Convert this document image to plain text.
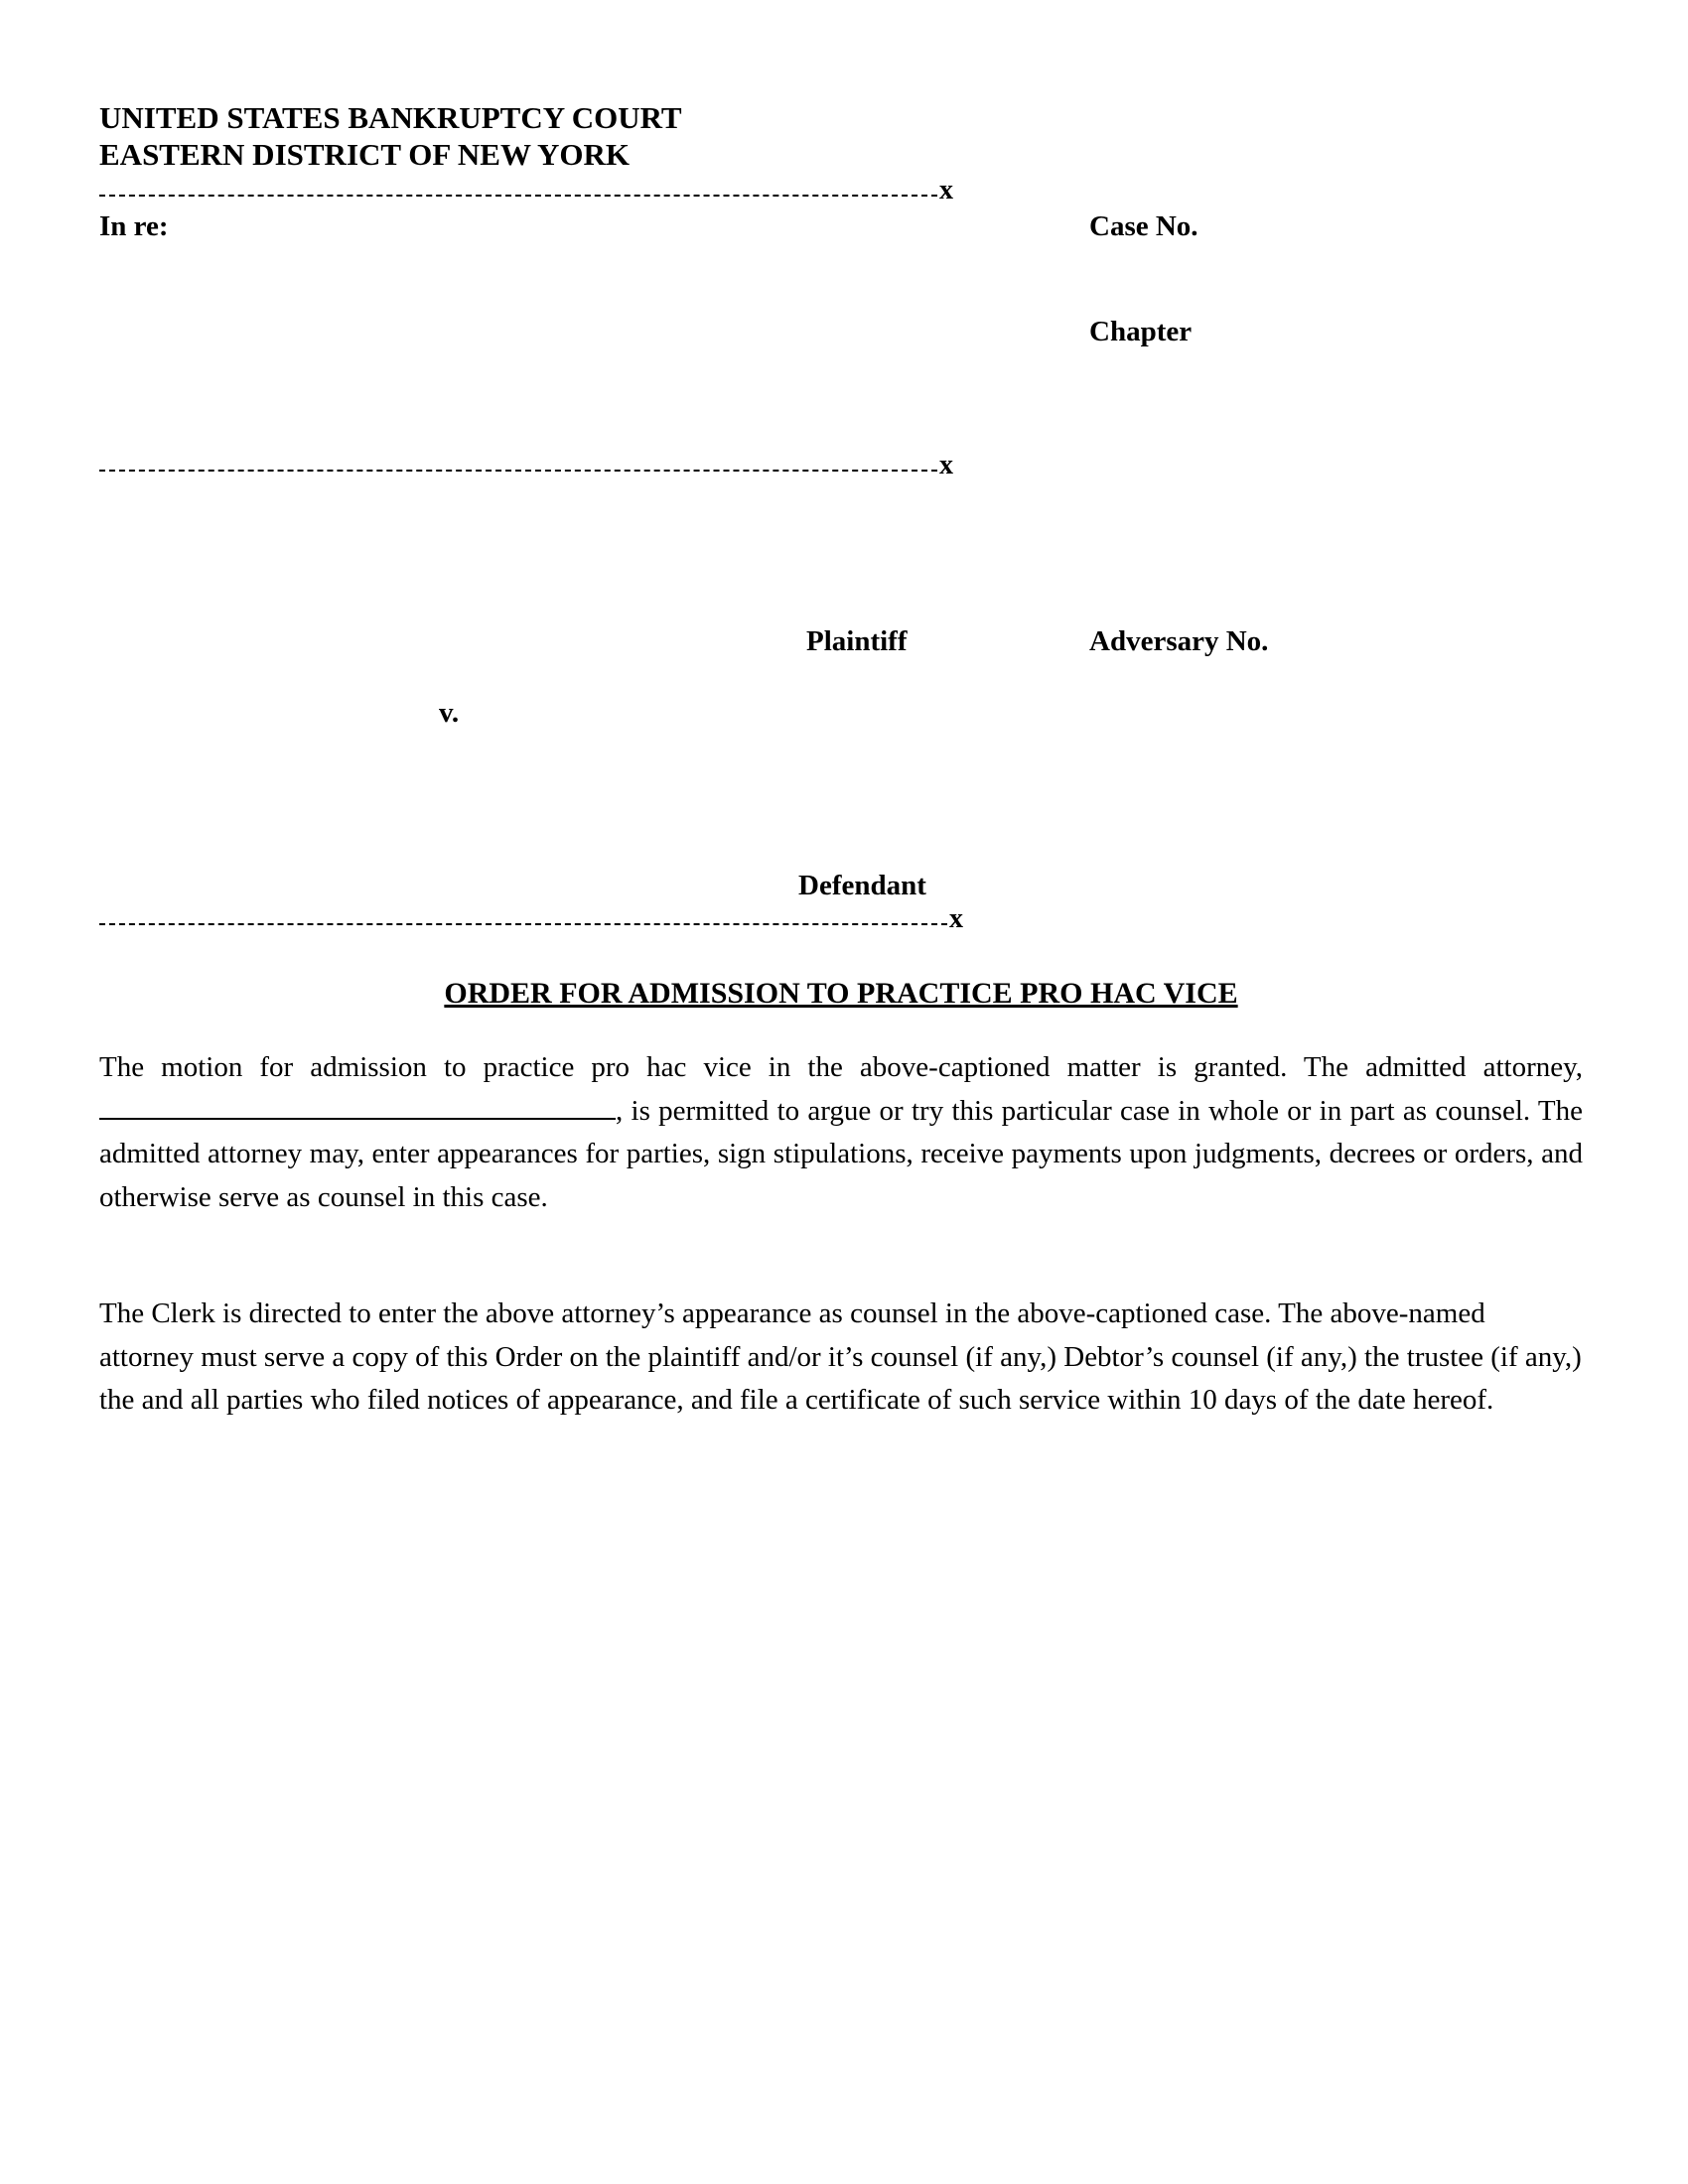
UNITED STATES BANKRUPTCY COURT
EASTERN DISTRICT OF NEW YORK
x
In re:	Case No.
Chapter
x
Plaintiff	Adversary No.
v.
Defendant
x
ORDER FOR ADMISSION TO PRACTICE PRO HAC VICE
The motion for admission to practice pro hac vice in the above-captioned matter is granted. The admitted attorney, , is permitted to argue or try this particular case in whole or in part as counsel. The admitted attorney may, enter appearances for parties, sign stipulations, receive payments upon judgments, decrees or orders, and otherwise serve as counsel in this case.
The Clerk is directed to enter the above attorney’s appearance as counsel in the above-captioned case. The above-named attorney must serve a copy of this Order on the plaintiff and/or it’s counsel (if any,) Debtor’s counsel (if any,) the trustee (if any,) the and all parties who filed notices of appearance, and file a certificate of such service within 10 days of the date hereof.
